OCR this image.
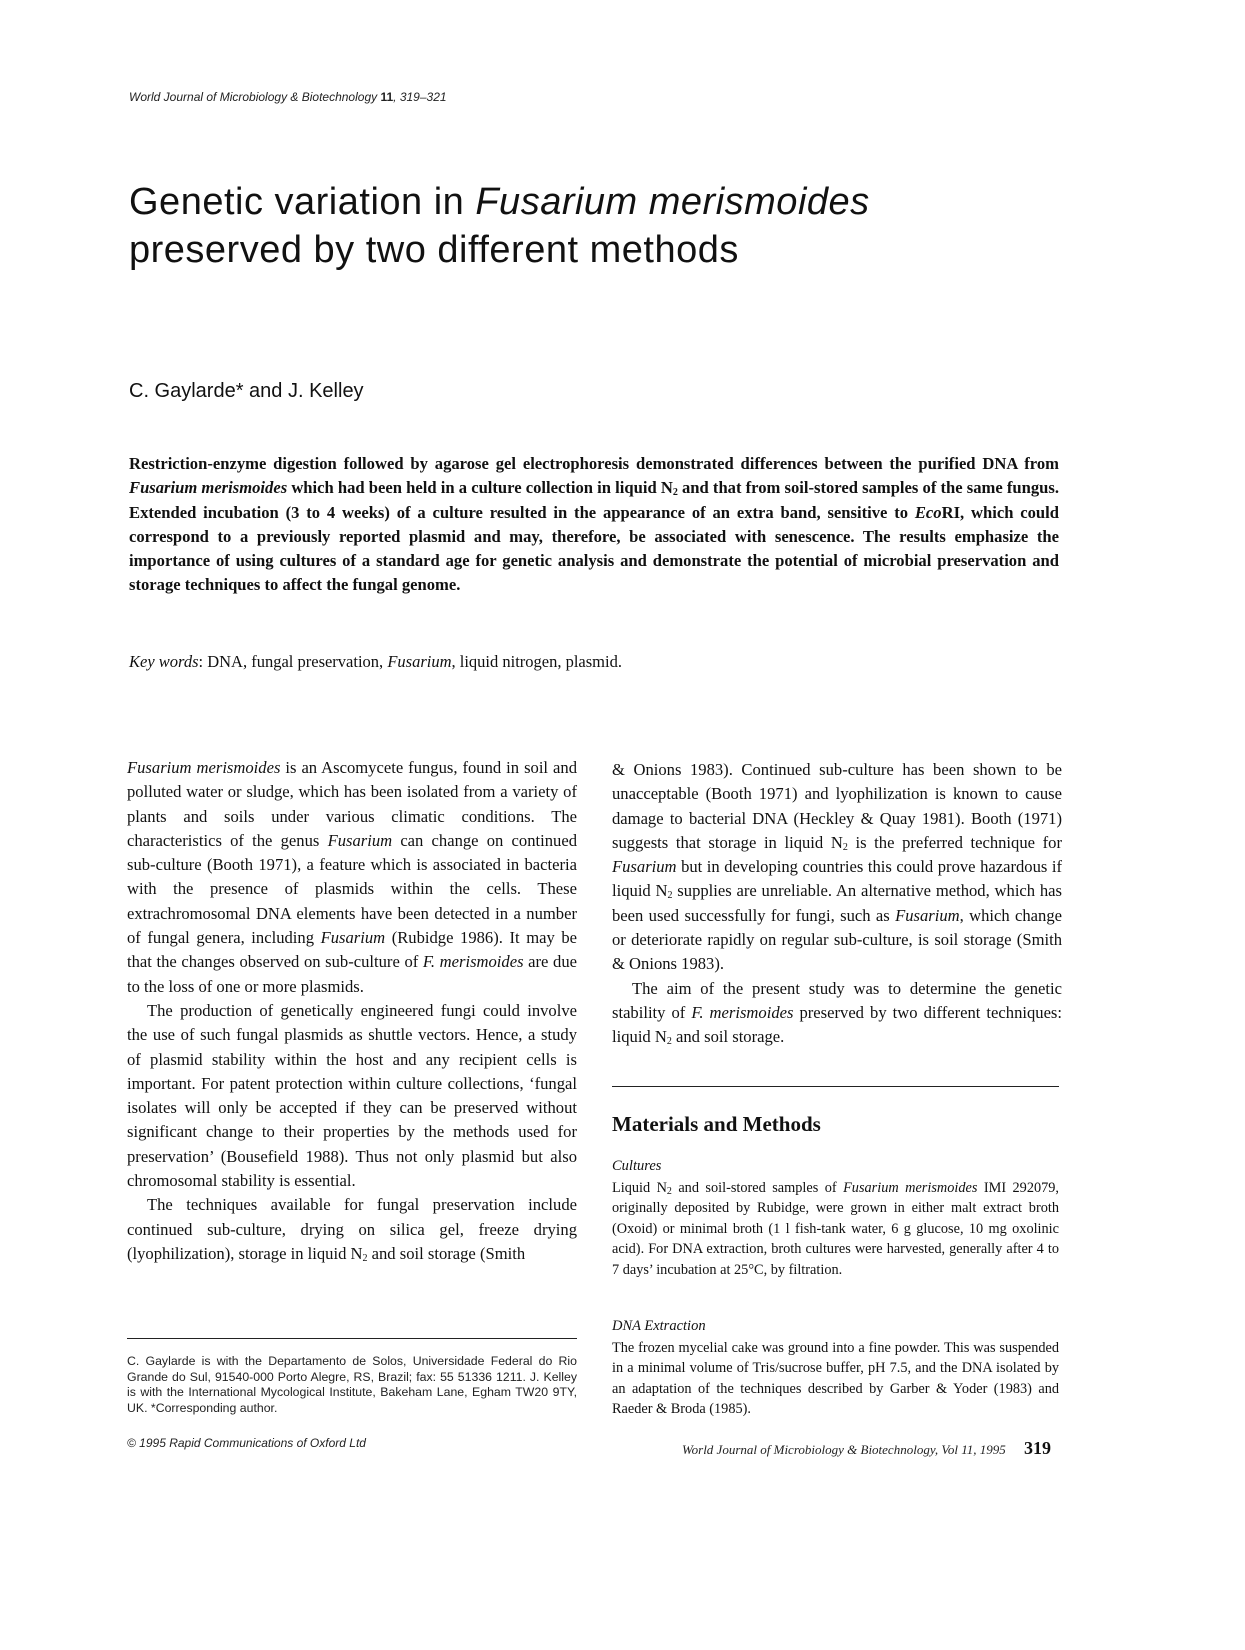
World Journal of Microbiology & Biotechnology 11, 319–321
Genetic variation in Fusarium merismoides
preserved by two different methods
C. Gaylarde* and J. Kelley

Restriction-enzyme digestion followed by agarose gel electrophoresis demonstrated differences between the purified DNA from Fusarium merismoides which had been held in a culture collection in liquid $N_2$ and that from soil-stored samples of the same fungus. Extended incubation (3 to 4 weeks) of a culture resulted in the appearance of an extra band, sensitive to EcoRI, which could correspond to a previously reported plasmid and may, therefore, be associated with senescence. The results emphasize the importance of using cultures of a standard age for genetic analysis and demonstrate the potential of microbial preservation and storage techniques to affect the fungal genome.

Key words: DNA, fungal preservation, Fusarium, liquid nitrogen, plasmid.

Fusarium merismoides is an Ascomycete fungus, found in soil and polluted water or sludge, which has been isolated from a variety of plants and soils under various climatic conditions. The characteristics of the genus Fusarium can change on continued sub-culture (Booth 1971), a feature which is associated in bacteria with the presence of plasmids within the cells. These extrachromosomal DNA elements have been detected in a number of fungal genera, including Fusarium (Rubidge 1986). It may be that the changes observed on sub-culture of F. merismoides are due to the loss of one or more plasmids.

The production of genetically engineered fungi could involve the use of such fungal plasmids as shuttle vectors. Hence, a study of plasmid stability within the host and any recipient cells is important. For patent protection within culture collections, ‘fungal isolates will only be accepted if they can be preserved without significant change to their properties by the methods used for preservation’ (Bousefield 1988). Thus not only plasmid but also chromosomal stability is essential.

The techniques available for fungal preservation include continued sub-culture, drying on silica gel, freeze drying (lyophilization), storage in liquid $N_2$ and soil storage (Smith

& Onions 1983). Continued sub-culture has been shown to be unacceptable (Booth 1971) and lyophilization is known to cause damage to bacterial DNA (Heckley & Quay 1981). Booth (1971) suggests that storage in liquid $N_2$ is the preferred technique for Fusarium but in developing countries this could prove hazardous if liquid $N_2$ supplies are unreliable. An alternative method, which has been used successfully for fungi, such as Fusarium, which change or deteriorate rapidly on regular sub-culture, is soil storage (Smith & Onions 1983).

The aim of the present study was to determine the genetic stability of F. merismoides preserved by two different techniques: liquid $N_2$ and soil storage.

Materials and Methods

Cultures

Liquid $N_2$ and soil-stored samples of Fusarium merismoides IMI 292079, originally deposited by Rubidge, were grown in either malt extract broth (Oxoid) or minimal broth (1 l fish-tank water, 6 g glucose, 10 mg oxolinic acid). For DNA extraction, broth cultures were harvested, generally after 4 to 7 days’ incubation at 25°C, by filtration.

DNA Extraction

The frozen mycelial cake was ground into a fine powder. This was suspended in a minimal volume of Tris/sucrose buffer, pH 7.5, and the DNA isolated by an adaptation of the techniques described by Garber & Yoder (1983) and Raeder & Broda (1985).

C. Gaylarde is with the Departamento de Solos, Universidade Federal do Rio Grande do Sul, 91540-000 Porto Alegre, RS, Brazil; fax: 55 51336 1211. J. Kelley is with the International Mycological Institute, Bakeham Lane, Egham TW20 9TY, UK. *Corresponding author.

© 1995 Rapid Communications of Oxford Ltd	World Journal of Microbiology & Biotechnology, Vol 11, 1995 319
